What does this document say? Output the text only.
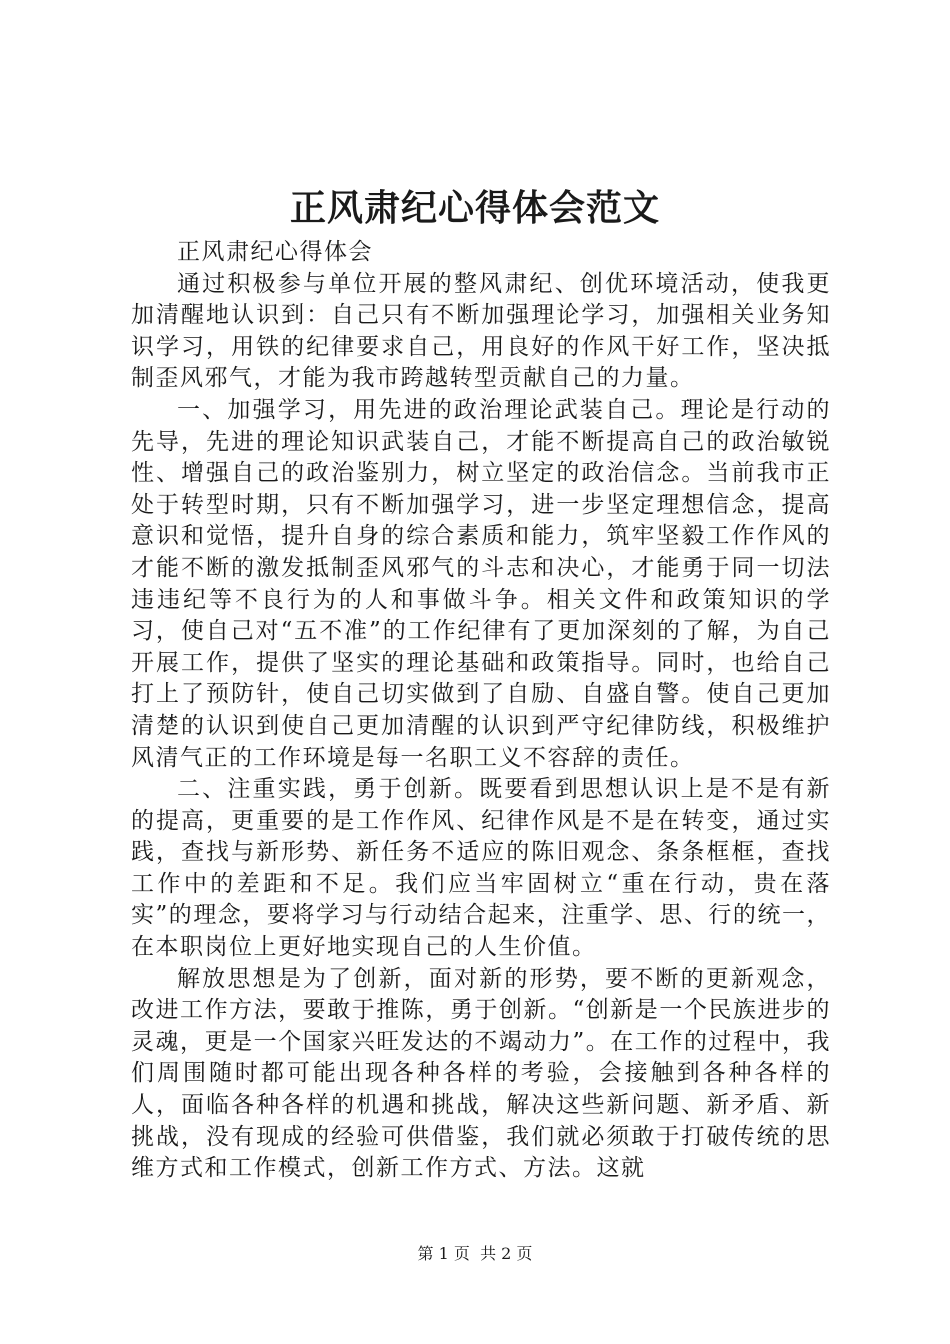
正风肃纪心得体会范文

正风肃纪心得体会

通过积极参与单位开展的整风肃纪、创优环境活动，使我更加清醒地认识到：自己只有不断加强理论学习，加强相关业务知识学习，用铁的纪律要求自己，用良好的作风干好工作，坚决抵制歪风邪气，才能为我市跨越转型贡献自己的力量。

一、加强学习，用先进的政治理论武装自己。理论是行动的先导，先进的理论知识武装自己，才能不断提高自己的政治敏锐性、增强自己的政治鉴别力，树立坚定的政治信念。当前我市正处于转型时期，只有不断加强学习，进一步坚定理想信念，提高意识和觉悟，提升自身的综合素质和能力，筑牢坚毅工作作风的才能不断的激发抵制歪风邪气的斗志和决心，才能勇于同一切法违违纪等不良行为的人和事做斗争。相关文件和政策知识的学习，使自己对“五不准”的工作纪律有了更加深刻的了解，为自己开展工作，提供了坚实的理论基础和政策指导。同时，也给自己打上了预防针，使自己切实做到了自励、自盛自警。使自己更加清楚的认识到使自己更加清醒的认识到严守纪律防线，积极维护风清气正的工作环境是每一名职工义不容辞的责任。

二、注重实践，勇于创新。既要看到思想认识上是不是有新的提高，更重要的是工作作风、纪律作风是不是在转变，通过实践，查找与新形势、新任务不适应的陈旧观念、条条框框，查找工作中的差距和不足。我们应当牢固树立“重在行动，贵在落实”的理念，要将学习与行动结合起来，注重学、思、行的统一，在本职岗位上更好地实现自己的人生价值。

解放思想是为了创新，面对新的形势，要不断的更新观念，改进工作方法，要敢于推陈，勇于创新。“创新是一个民族进步的灵魂，更是一个国家兴旺发达的不竭动力”。在工作的过程中，我们周围随时都可能出现各种各样的考验，会接触到各种各样的人，面临各种各样的机遇和挑战，解决这些新问题、新矛盾、新挑战，没有现成的经验可供借鉴，我们就必须敢于打破传统的思维方式和工作模式，创新工作方式、方法。这就

第 1 页  共 2 页
